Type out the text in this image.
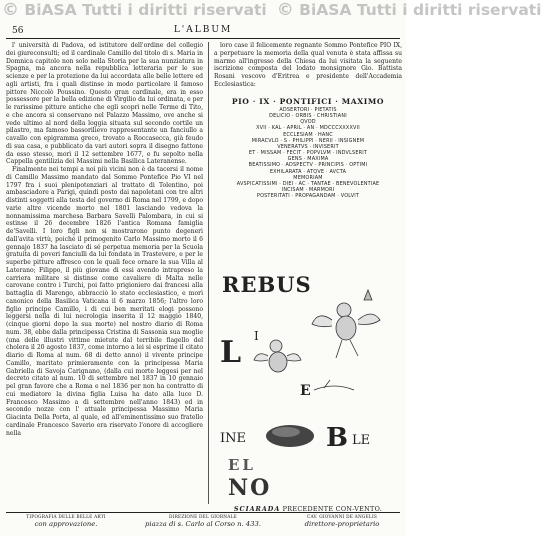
© BiASA Tutti i diritti riservati © BiASA Tutti i diritti riservati
56	L'ALBUM

l' università di Padova, ed istitutore dell'ordine del collegio dei giureconsulti; ed il cardinale Camillo del titolo di s. Maria in Domnica capitolo non solo nella Storia per la sua nunziatura in Spagna, ma ancora nella repubblica letteraria per le sue scienze e per la protezione da lui accordata alle belle lettere ed agli artisti, fra i quali distinse in modo particolare il famoso pittore Niccolò Poussino. Questo gran cardinale, era in esso possessore per la bella edizione di Virgilio da lui ordinata, e per le rarissime pitture antiche che egli scoprì nelle Terme di Tito, e che ancora si conservano nel Palazzo Massimo, ove anche si vede ultimo al nord della loggia situata sul secondo cortile un pilastro, ma famoso bassorilievo rappresentante un fanciullo a cavallo con epigramma greco, trovato a Roccasecca, già feudo di sua casa, e pubblicato da vari autori sopra il disegno fattone da esso stesso, morì il 12 settembre 1677, e fu sepolto nella Cappella gentilizia dei Massimi nella Basilica Lateranense.

Finalmente nei tempi a noi più vicini non è da tacersi il nome di Camillo Massimo mandato dal Sommo Pontefice Pio VI nel 1797 fra i suoi plenipotenziari al trattato di Tolentino, poi ambasciadore a Parigi, quindi posto dai napoletani con tre altri distinti soggetti alla testa del governo di Roma nel 1799, e dopo varie altre vicende morto nel 1801 lasciando vedova la nonnamissima marchesa Barbara Savelli Palombara, in cui si estinse il 26 decembre 1826 l'antica Romana famiglia de'Savelli. I loro figli non si mostrarono punto degeneri dall'avita virtù, poiché il primogenito Carlo Massimo morto il 6 gennajo 1837 ha lasciato di sé perpetua memoria per la Scuola gratuita di poveri fanciulli da lui fondata in Trastevere, e per le superbe pitture affresco con le quali fece ornare la sua Villa al Laterano; Filippo, il più giovane di essi avendo intrapreso la carriera militare si distinse come cavaliere di Malta nelle carovane contro i Turchi, poi fatto prigioniero dai francesi alla battaglia di Marengo, abbracciò lo stato ecclesiastico, e morì canonico della Basilica Vaticana il 6 marzo 1856; l'altro loro figlio principe Camillo, i di cui ben meritati elogi possono leggersi nella di lui necrologia inserita il 12 maggio 1840, (cinque giorni dopo la sua morte) nel nostro diario di Roma num. 38, ebbe dalla principessa Cristina di Sassonia sua moglie (una delle illustri vittime mietute dal terribile flagello del cholera il 20 agosto 1837, come intorno a lei si esprime il citato diario di Roma al num. 68 di detto anno) il vivente principe Camillo, maritato primieramente con la principessa Maria Gabriella di Savoja Carignano, (dalla cui morte leggesi per nel decreto citato al num. 10 di settembre nel 1837 in 10 gennaio pel gran favore che a Roma e nel 1836 per non ha contratto di cui mediatore la divina figlia Luisa ha dato alla luce D. Francesco Massimo a di settembre nell'anno 1843) ed in secondo nozze con l' attuale principessa Massimo Maria Giacinta Della Porta, al quale, ed all'eminentissimo suo fratello cardinale Francesco Saverio era riservato l'onore di accogliere nella

loro case il felicemente regnante Sommo Pontefice PIO IX, a perpetuare la memoria della qual venuta è stata affissa su marmo all'ingresso della Chiesa da lui visitata la seguente iscrizione composta del lodato monsignore Gio. Battista Rosani vescovo d'Eritrea e presidente dell'Accademia Ecclesiastica:

PIO · IX · PONTIFICI · MAXIMO
ADSERTORI · PIETATIS
DELICIO · ORBIS · CHRISTIANI
QVOD
XVII · KAL · APRIL · AN · MDCCCXXXXVII
ECCLESIAM · HANC
MIRACVLO · S · PHILIPPI · NERII · INSIGNEM
VENERATVS · INVISERIT
ET · MISSAM · FECIT · POPVLVM · INDVLSERIT
GENS · MAXIMA
BEATISSIMO · ADSPECTV · PRINCIPIS · OPTIMI
EXHILARATA · ATQVE · AVCTA
MEMORIAM
AVSPICATISSIMI · DIEI · AC · TANTAE · BENEVOLENTIAE
INCISAM · MARMORI
POSTERITATI · PROPAGANDAM · VOLVIT
REBUS
L I
E
INE	B LE
EL
NO
SCIARADA PRECEDENTE CON-VENTO.
TIPOGRAFIA DELLE BELLE ARTI
con approvazione.
DIREZIONE DEL GIORNALE
piazza di s. Carlo al Corso n. 433.
CAV. GIOVANNI DE ANGELIS
direttore-proprietario
